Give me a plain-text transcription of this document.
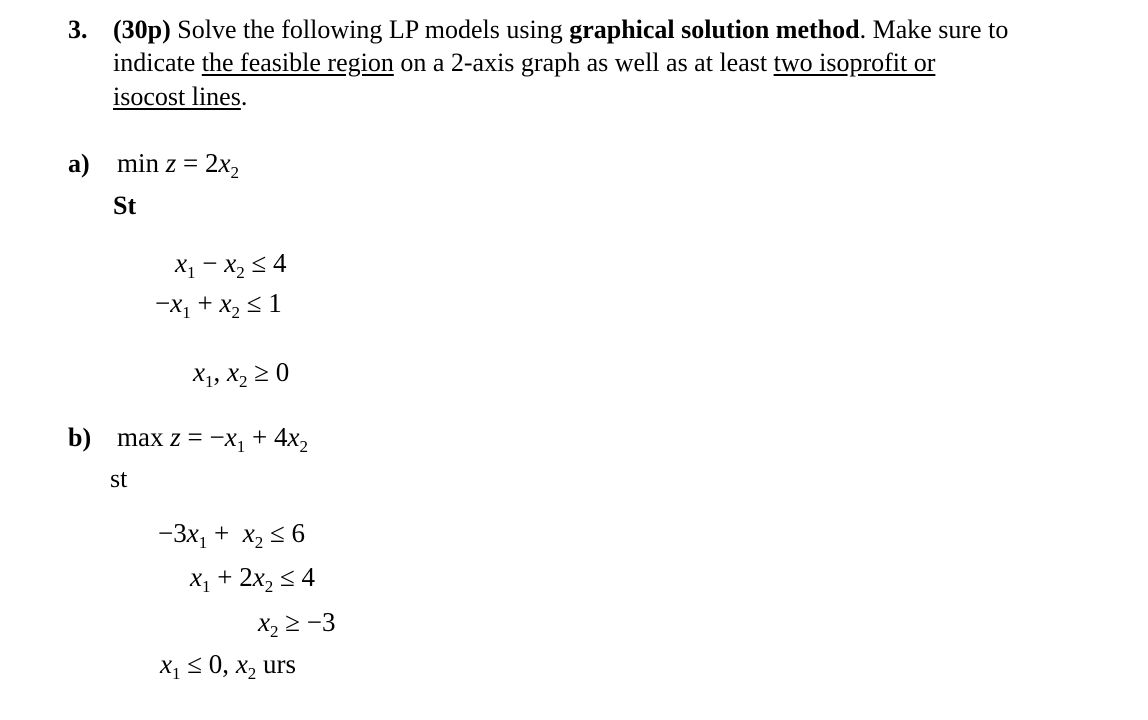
3. (30p) Solve the following LP models using graphical solution method. Make sure to
indicate the feasible region on a 2-axis graph as well as at least two isoprofit or
isocost lines.
a) $\min z = 2x_2$
St
$x_1 - x_2 \le 4$
$-x_1 + x_2 \le 1$
$x_1$, $x_2 \ge 0$
b) $\max z = -x_1 + 4x_2$
st
$-3x_1 + x_2 \le 6$
$x_1 + 2x_2 \le 4$
$x_2 \ge -3$
$x_1 \le 0$, $x_2$ urs
